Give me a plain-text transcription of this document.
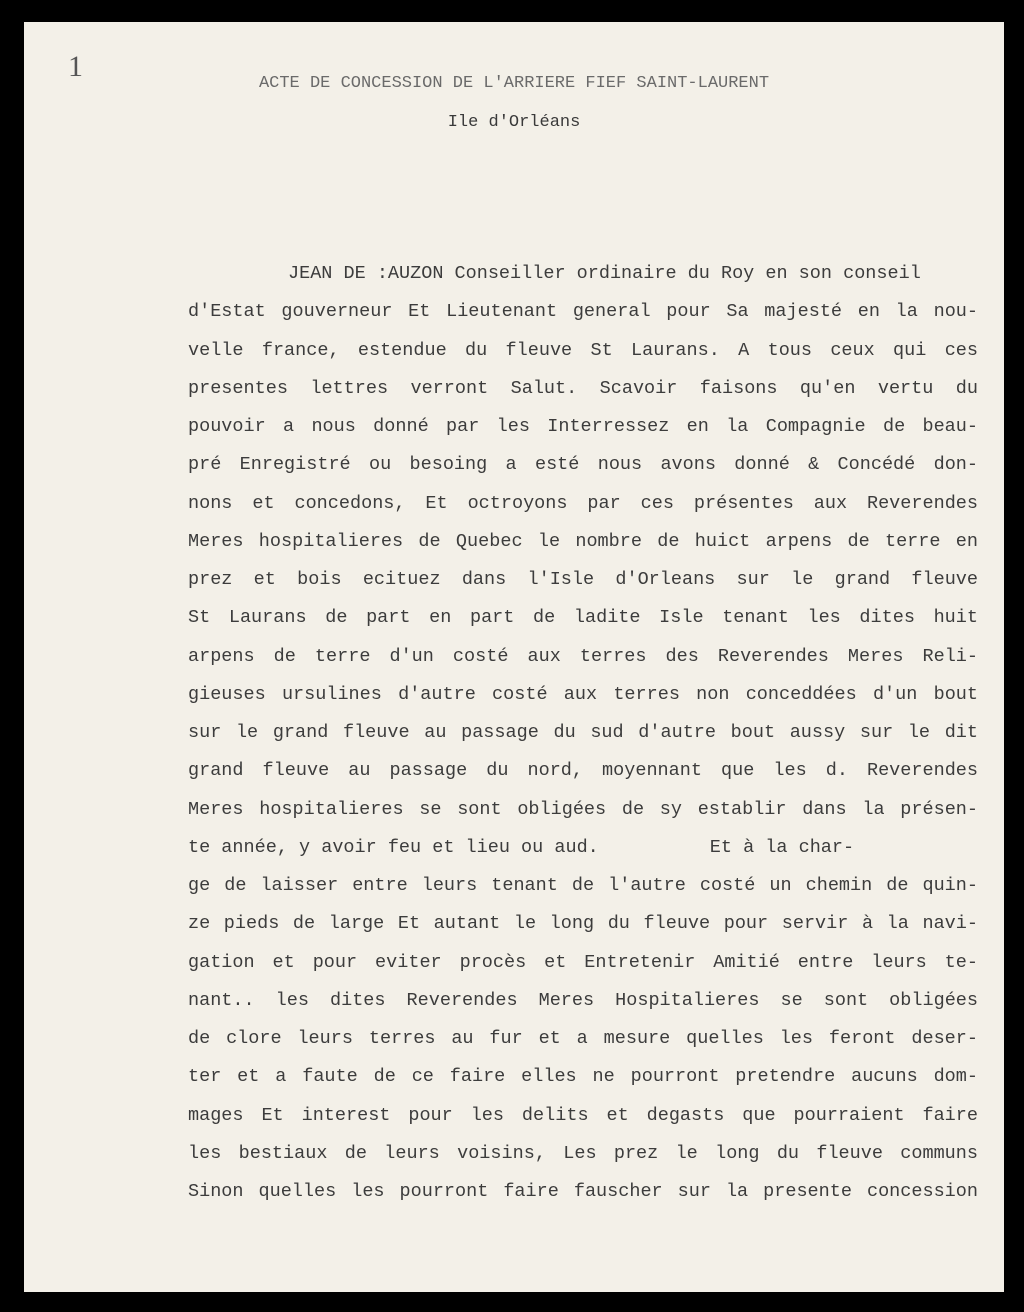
1
ACTE DE CONCESSION DE L'ARRIERE FIEF SAINT-LAURENT
Ile d'Orléans
JEAN DE :AUZON Conseiller ordinaire du Roy en son conseil
d'Estat gouverneur Et Lieutenant general pour Sa majesté en la nou-
velle france, estendue du fleuve St Laurans. A tous ceux qui ces
presentes lettres verront Salut. Scavoir faisons qu'en vertu du
pouvoir a nous donné par les Interressez en la Compagnie de beau-
pré Enregistré ou besoing a esté nous avons donné & Concédé don-
nons et concedons, Et octroyons par ces présentes aux Reverendes
Meres hospitalieres de Quebec le nombre de huict arpens de terre en
prez et bois ecituez dans l'Isle d'Orleans sur le grand fleuve
St Laurans de part en part de ladite Isle tenant les dites huit
arpens de terre d'un costé aux terres des Reverendes Meres Reli-
gieuses ursulines d'autre costé aux terres non conceddées d'un bout
sur le grand fleuve au passage du sud d'autre bout aussy sur le dit
grand fleuve au passage du nord, moyennant que les d. Reverendes
Meres hospitalieres se sont obligées de sy establir dans la présen-
te année, y avoir feu et lieu ou aud.          Et à la char-
ge de laisser entre leurs tenant de l'autre costé un chemin de quin-
ze pieds de large Et autant le long du fleuve pour servir à la navi-
gation et pour eviter procès et Entretenir Amitié entre leurs te-
nant.. les dites Reverendes Meres Hospitalieres se sont obligées
de clore leurs terres au fur et a mesure quelles les feront deser-
ter et a faute de ce faire elles ne pourront pretendre aucuns dom-
mages Et interest pour les delits et degasts que pourraient faire
les bestiaux de leurs voisins, Les prez le long du fleuve communs
Sinon quelles les pourront faire fauscher sur la presente concession
